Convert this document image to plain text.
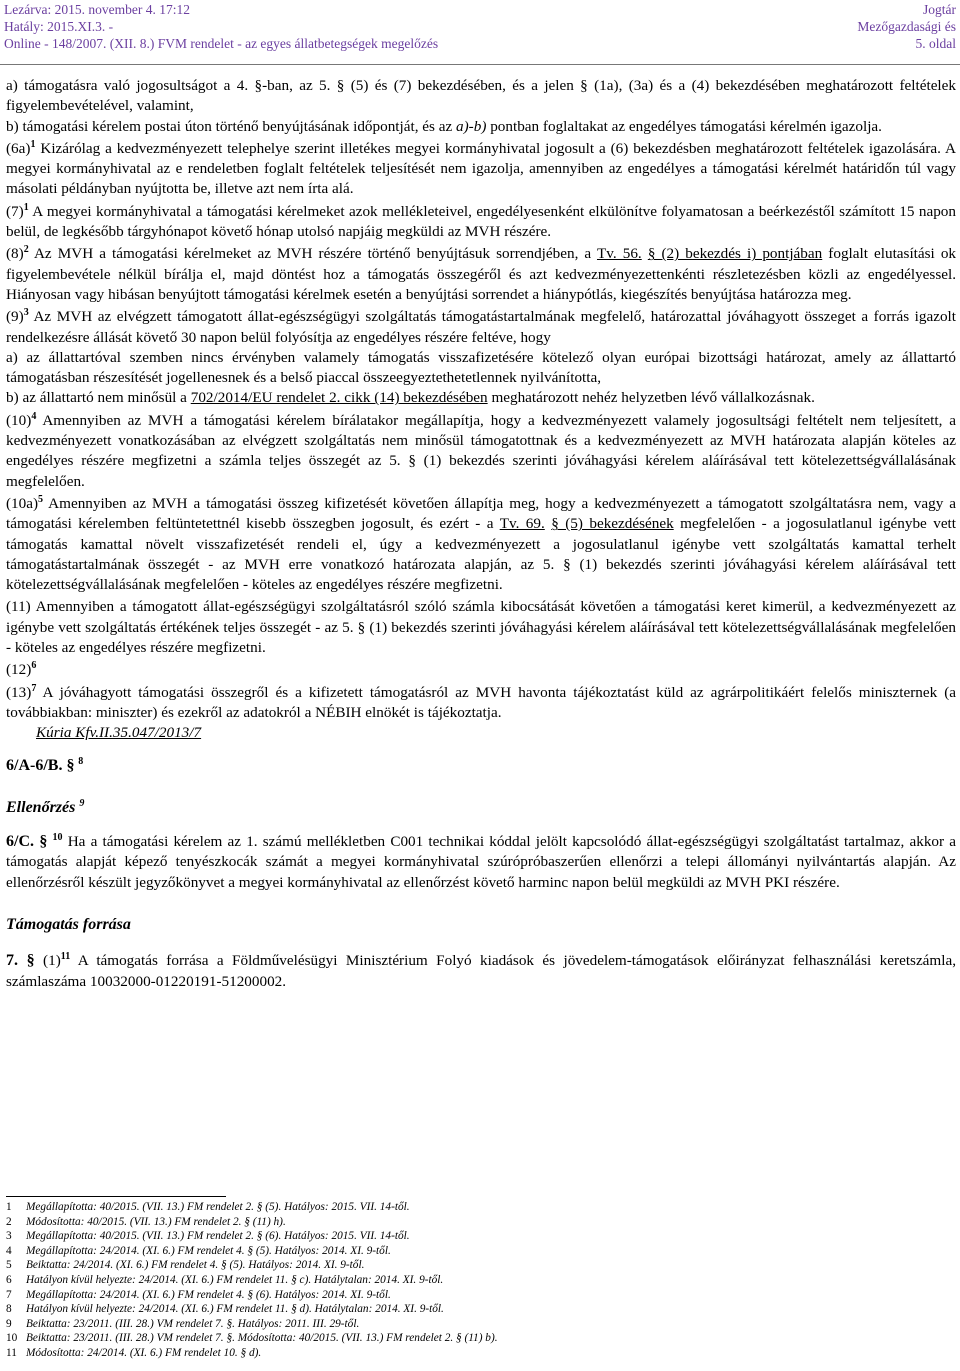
Lezárva: 2015. november 4. 17:12
Hatály: 2015.XI.3. -
Online - 148/2007. (XII. 8.) FVM rendelet - az egyes állatbetegségek megelőzés
Jogtár
Mezőgazdasági és
5. oldal

a) támogatásra való jogosultságot a 4. §-ban, az 5. § (5) és (7) bekezdésében, és a jelen § (1a), (3a) és a (4) bekezdésében meghatározott feltételek figyelembevételével, valamint,

b) támogatási kérelem postai úton történő benyújtásának időpontját, és az a)-b) pontban foglaltakat az engedélyes támogatási kérelmén igazolja.

$(6a)^1$ Kizárólag a kedvezményezett telephelye szerint illetékes megyei kormányhivatal jogosult a (6) bekezdésben meghatározott feltételek igazolására. A megyei kormányhivatal az e rendeletben foglalt feltételek teljesítését nem igazolja, amennyiben az engedélyes a támogatási kérelmét határidőn túl vagy másolati példányban nyújtotta be, illetve azt nem írta alá.

$(7)^1$ A megyei kormányhivatal a támogatási kérelmeket azok mellékleteivel, engedélyesenként elkülönítve folyamatosan a beérkezéstől számított 15 napon belül, de legkésőbb tárgyhónapot követő hónap utolsó napjáig megküldi az MVH részére.

$(8)^2$ Az MVH a támogatási kérelmeket az MVH részére történő benyújtásuk sorrendjében, a Tv. 56. § (2) bekezdés i) pontjában foglalt elutasítási ok figyelembevétele nélkül bírálja el, majd döntést hoz a támogatás összegéről és azt kedvezményezettenkénti részletezésben közli az engedélyessel. Hiányosan vagy hibásan benyújtott támogatási kérelmek esetén a benyújtási sorrendet a hiánypótlás, kiegészítés benyújtása határozza meg.

$(9)^3$ Az MVH az elvégzett támogatott állat-egészségügyi szolgáltatás támogatástartalmának megfelelő, határozattal jóváhagyott összeget a forrás igazolt rendelkezésre állását követő 30 napon belül folyósítja az engedélyes részére feltéve, hogy

a) az állattartóval szemben nincs érvényben valamely támogatás visszafizetésére kötelező olyan európai bizottsági határozat, amely az állattartó támogatásban részesítését jogellenesnek és a belső piaccal összeegyeztethetetlennek nyilvánította,

b) az állattartó nem minősül a 702/2014/EU rendelet 2. cikk (14) bekezdésében meghatározott nehéz helyzetben lévő vállalkozásnak.

$(10)^4$ Amennyiben az MVH a támogatási kérelem bírálatakor megállapítja, hogy a kedvezményezett valamely jogosultsági feltételt nem teljesített, a kedvezményezett vonatkozásában az elvégzett szolgáltatás nem minősül támogatottnak és a kedvezményezett az MVH határozata alapján köteles az engedélyes részére megfizetni a számla teljes összegét az 5. § (1) bekezdés szerinti jóváhagyási kérelem aláírásával tett kötelezettségvállalásának megfelelően.

$(10a)^5$ Amennyiben az MVH a támogatási összeg kifizetését követően állapítja meg, hogy a kedvezményezett a támogatott szolgáltatásra nem, vagy a támogatási kérelemben feltüntetettnél kisebb összegben jogosult, és ezért - a Tv. 69. § (5) bekezdésének megfelelően - a jogosulatlanul igénybe vett támogatás kamattal növelt visszafizetését rendeli el, úgy a kedvezményezett a jogosulatlanul igénybe vett szolgáltatás kamattal terhelt támogatástartalmának összegét - az MVH erre vonatkozó határozata alapján, az 5. § (1) bekezdés szerinti jóváhagyási kérelem aláírásával tett kötelezettségvállalásának megfelelően - köteles az engedélyes részére megfizetni.

(11) Amennyiben a támogatott állat-egészségügyi szolgáltatásról szóló számla kibocsátását követően a támogatási keret kimerül, a kedvezményezett az igénybe vett szolgáltatás értékének teljes összegét - az 5. § (1) bekezdés szerinti jóváhagyási kérelem aláírásával tett kötelezettségvállalásának megfelelően - köteles az engedélyes részére megfizetni.

$(12)^6$

$(13)^7$ A jóváhagyott támogatási összegről és a kifizetett támogatásról az MVH havonta tájékoztatást küld az agrárpolitikáért felelős miniszternek (a továbbiakban: miniszter) és ezekről az adatokról a NÉBIH elnökét is tájékoztatja.

Kúria Kfv.II.35.047/2013/7

6/A-6/B. § $^8$

Ellenőrzés $^9$

6/C. § $^{10}$ Ha a támogatási kérelem az 1. számú mellékletben C001 technikai kóddal jelölt kapcsolódó állat-egészségügyi szolgáltatást tartalmaz, akkor a támogatás alapját képező tenyészkocák számát a megyei kormányhivatal szúrópróbaszerűen ellenőrzi a telepi állományi nyilvántartás alapján. Az ellenőrzésről készült jegyzőkönyvet a megyei kormányhivatal az ellenőrzést követő harminc napon belül megküldi az MVH PKI részére.

Támogatás forrása

7. § $(1)^{11}$ A támogatás forrása a Földművelésügyi Minisztérium Folyó kiadások és jövedelem-támogatások előirányzat felhasználási keretszámla, számlaszáma 10032000-01220191-51200002.

1 Megállapította: 40/2015. (VII. 13.) FM rendelet 2. § (5). Hatályos: 2015. VII. 14-től.
2 Módosította: 40/2015. (VII. 13.) FM rendelet 2. § (11) h).
3 Megállapította: 40/2015. (VII. 13.) FM rendelet 2. § (6). Hatályos: 2015. VII. 14-től.
4 Megállapította: 24/2014. (XI. 6.) FM rendelet 4. § (5). Hatályos: 2014. XI. 9-től.
5 Beiktatta: 24/2014. (XI. 6.) FM rendelet 4. § (5). Hatályos: 2014. XI. 9-től.
6 Hatályon kívül helyezte: 24/2014. (XI. 6.) FM rendelet 11. § c). Hatálytalan: 2014. XI. 9-től.
7 Megállapította: 24/2014. (XI. 6.) FM rendelet 4. § (6). Hatályos: 2014. XI. 9-től.
8 Hatályon kívül helyezte: 24/2014. (XI. 6.) FM rendelet 11. § d). Hatálytalan: 2014. XI. 9-től.
9 Beiktatta: 23/2011. (III. 28.) VM rendelet 7. §. Hatályos: 2011. III. 29-től.
10 Beiktatta: 23/2011. (III. 28.) VM rendelet 7. §. Módosította: 40/2015. (VII. 13.) FM rendelet 2. § (11) b).
11 Módosította: 24/2014. (XI. 6.) FM rendelet 10. § d).
